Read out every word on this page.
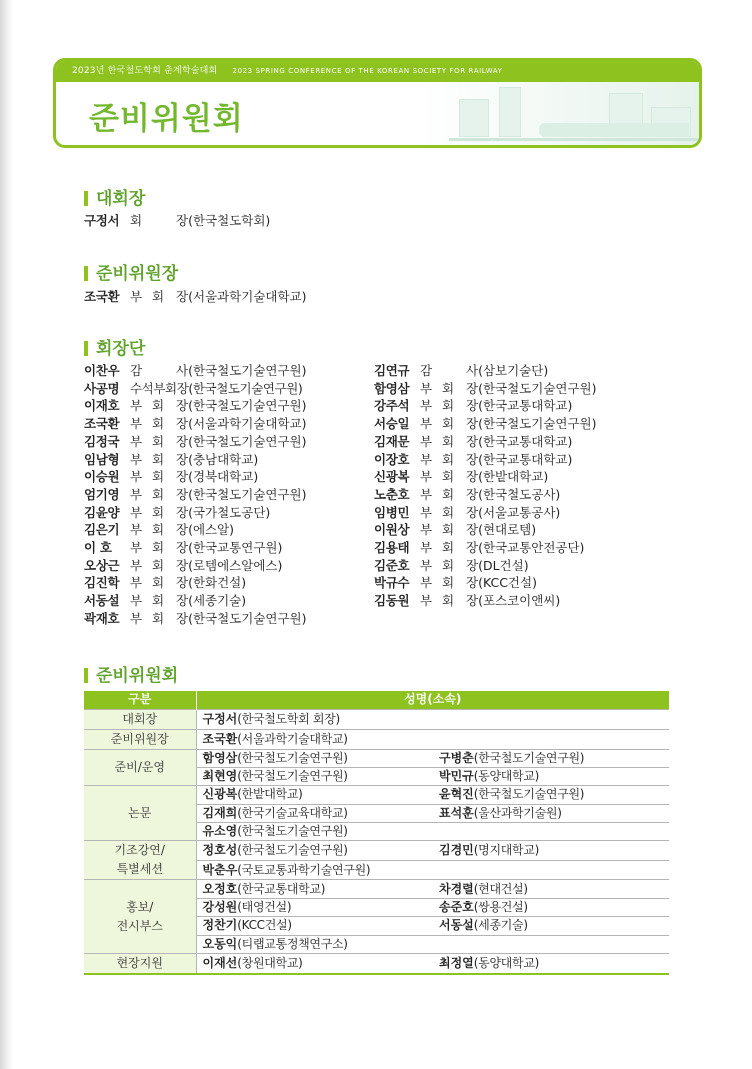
2023년 한국철도학회 춘계학술대회 2023 SPRING CONFERENCE OF THE KOREAN SOCIETY FOR RAILWAY
준비위원회
대회장
구정서 회	장(한국철도학회)
준비위원장
조국환 부 회 장(서울과학기술대학교)
회장단
이찬우 감	사(한국철도기술연구원)
사공명 수석부회장(한국철도기술연구원)
이재호 부 회 장(한국철도기술연구원)
조국환 부 회 장(서울과학기술대학교)
김정국 부 회 장(한국철도기술연구원)
임남형 부 회 장(충남대학교)
이승원 부 회 장(경북대학교)
엄기영 부 회 장(한국철도기술연구원)
김윤양 부 회 장(국가철도공단)
김은기 부 회 장(에스알)
이 호	부 회 장(한국교통연구원)
오상근 부 회 장(로템에스알에스)
김진학 부 회 장(한화건설)
서동설 부 회 장(세종기술)
곽재호 부 회 장(한국철도기술연구원)
김연규 감	사(삼보기술단)
함영삼 부 회 장(한국철도기술연구원)
강주석 부 회 장(한국교통대학교)
서승일 부 회 장(한국철도기술연구원)
김재문 부 회 장(한국교통대학교)
이장호 부 회 장(한국교통대학교)
신광복 부 회 장(한밭대학교)
노춘호 부 회 장(한국철도공사)
임병민 부 회 장(서울교통공사)
이원상 부 회 장(현대로템)
김용태 부 회 장(한국교통안전공단)
김준호 부 회 장(DL건설)
박규수 부 회 장(KCC건설)
김동원 부 회 장(포스코이앤씨)
준비위원회
구분	성명(소속)	

대회장	구정서(한국철도학회 회장)	

준비위원장	조국환(서울과학기술대학교)	

준비/운영	함영삼(한국철도기술연구원)	구병춘(한국철도기술연구원)
	최현영(한국철도기술연구원)	박민규(동양대학교)

논문	신광복(한밭대학교)	윤혁진(한국철도기술연구원)
	김재희(한국기술교육대학교)	표석훈(울산과학기술원)
	유소영(한국철도기술연구원)	

기조강연/
특별세션	정호성(한국철도기술연구원)	김경민(명지대학교)
	박춘우(국토교통과학기술연구원)	

홍보/
전시부스	오정호(한국교통대학교)	차경렬(현대건설)
	강성원(태영건설)	송준호(쌍용건설)
	정찬기(KCC건설)	서동설(세종기술)
	오동익(티랩교통정책연구소)	

현장지원	이재선(창원대학교)	최정열(동양대학교)
